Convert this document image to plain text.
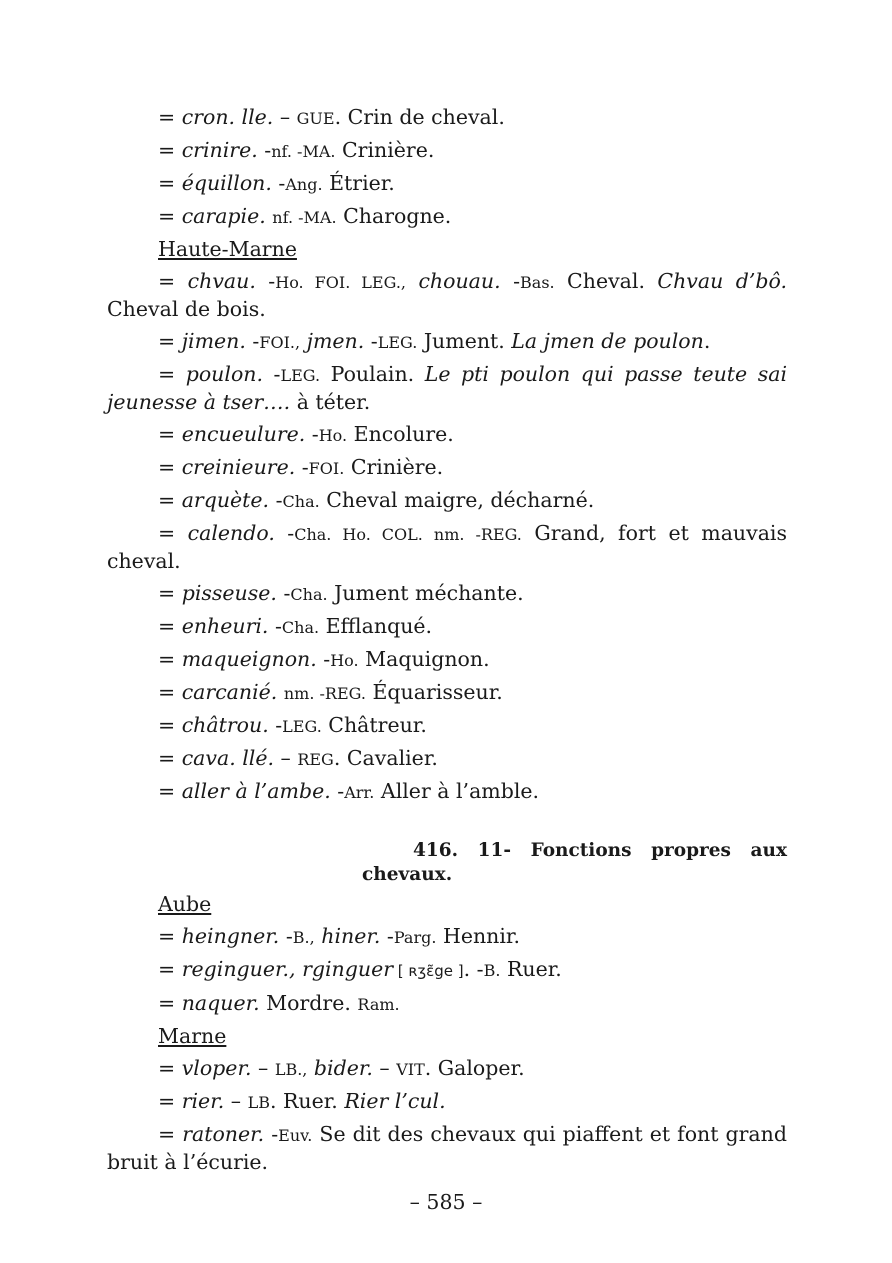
= cron. lle. – GUE. Crin de cheval.
= crinire. -nf. -MA. Crinière.
= équillon. -Ang. Étrier.
= carapie. nf. -MA. Charogne.
Haute-Marne
= chvau. -Ho. FOI. LEG., chouau. -Bas. Cheval. Chvau d’bô. Cheval de bois.
= jimen. -FOI., jmen. -LEG. Jument. La jmen de poulon.
= poulon. -LEG. Poulain. Le pti poulon qui passe teute sai jeunesse à tser…. à téter.
= encueulure. -Ho. Encolure.
= creinieure. -FOI. Crinière.
= arquète. -Cha. Cheval maigre, décharné.
= calendo. -Cha. Ho. COL. nm. -REG. Grand, fort et mauvais cheval.
= pisseuse. -Cha. Jument méchante.
= enheuri. -Cha. Efflanqué.
= maqueignon. -Ho. Maquignon.
= carcanié. nm. -REG. Équarisseur.
= châtrou. -LEG. Châtreur.
= cava. llé. – REG. Cavalier.
= aller à l’ambe. -Arr. Aller à l’amble.
416. 11- Fonctions propres aux
chevaux.
Aube
= heingner. -B., hiner. -Parg. Hennir.
= reginguer., rginguer [ ʀʒɛ̃ge ]. -B. Ruer.
= naquer. Mordre. Ram.
Marne
= vloper. – LB., bider. – VIT. Galoper.
= rier. – LB. Ruer. Rier l’cul.
= ratoner. -Euv. Se dit des chevaux qui piaffent et font grand bruit à l’écurie.
– 585 –
